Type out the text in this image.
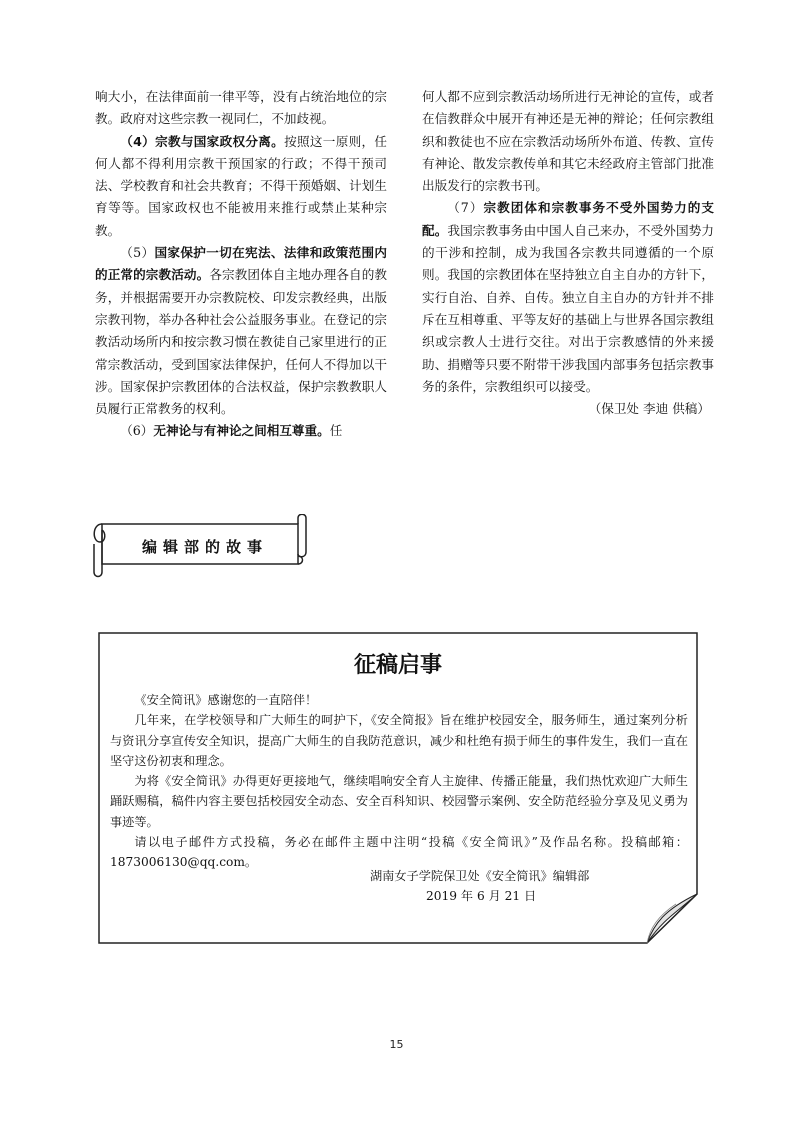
响大小，在法律面前一律平等，没有占统治地位的宗教。政府对这些宗教一视同仁，不加歧视。

（4）宗教与国家政权分离。按照这一原则，任何人都不得利用宗教干预国家的行政；不得干预司法、学校教育和社会共教育；不得干预婚姻、计划生育等等。国家政权也不能被用来推行或禁止某种宗教。

（5）国家保护一切在宪法、法律和政策范围内的正常的宗教活动。各宗教团体自主地办理各自的教务，并根据需要开办宗教院校、印发宗教经典，出版宗教刊物，举办各种社会公益服务事业。在登记的宗教活动场所内和按宗教习惯在教徒自己家里进行的正常宗教活动，受到国家法律保护，任何人不得加以干涉。国家保护宗教团体的合法权益，保护宗教教职人员履行正常教务的权利。

（6）无神论与有神论之间相互尊重。任

何人都不应到宗教活动场所进行无神论的宣传，或者在信教群众中展开有神还是无神的辩论；任何宗教组织和教徒也不应在宗教活动场所外布道、传教、宣传有神论、散发宗教传单和其它未经政府主管部门批准出版发行的宗教书刊。

（7）宗教团体和宗教事务不受外国势力的支配。我国宗教事务由中国人自己来办，不受外国势力的干涉和控制，成为我国各宗教共同遵循的一个原则。我国的宗教团体在坚持独立自主自办的方针下，实行自治、自养、自传。独立自主自办的方针并不排斥在互相尊重、平等友好的基础上与世界各国宗教组织或宗教人士进行交往。对出于宗教感情的外来援助、捐赠等只要不附带干涉我国内部事务包括宗教事务的条件，宗教组织可以接受。

（保卫处 李迪 供稿）

编辑部的故事
征稿启事

《安全简讯》感谢您的一直陪伴！

几年来，在学校领导和广大师生的呵护下，《安全简报》旨在维护校园安全，服务师生，通过案列分析与资讯分享宣传安全知识，提高广大师生的自我防范意识，减少和杜绝有损于师生的事件发生，我们一直在坚守这份初衷和理念。

为将《安全简讯》办得更好更接地气，继续唱响安全育人主旋律、传播正能量，我们热忱欢迎广大师生踊跃赐稿，稿件内容主要包括校园安全动态、安全百科知识、校园警示案例、安全防范经验分享及见义勇为事迹等。

请以电子邮件方式投稿，务必在邮件主题中注明“投稿《安全简讯》”及作品名称。投稿邮箱：1873006130@qq.com。

湖南女子学院保卫处《安全简讯》编辑部
2019 年 6 月 21 日
15
